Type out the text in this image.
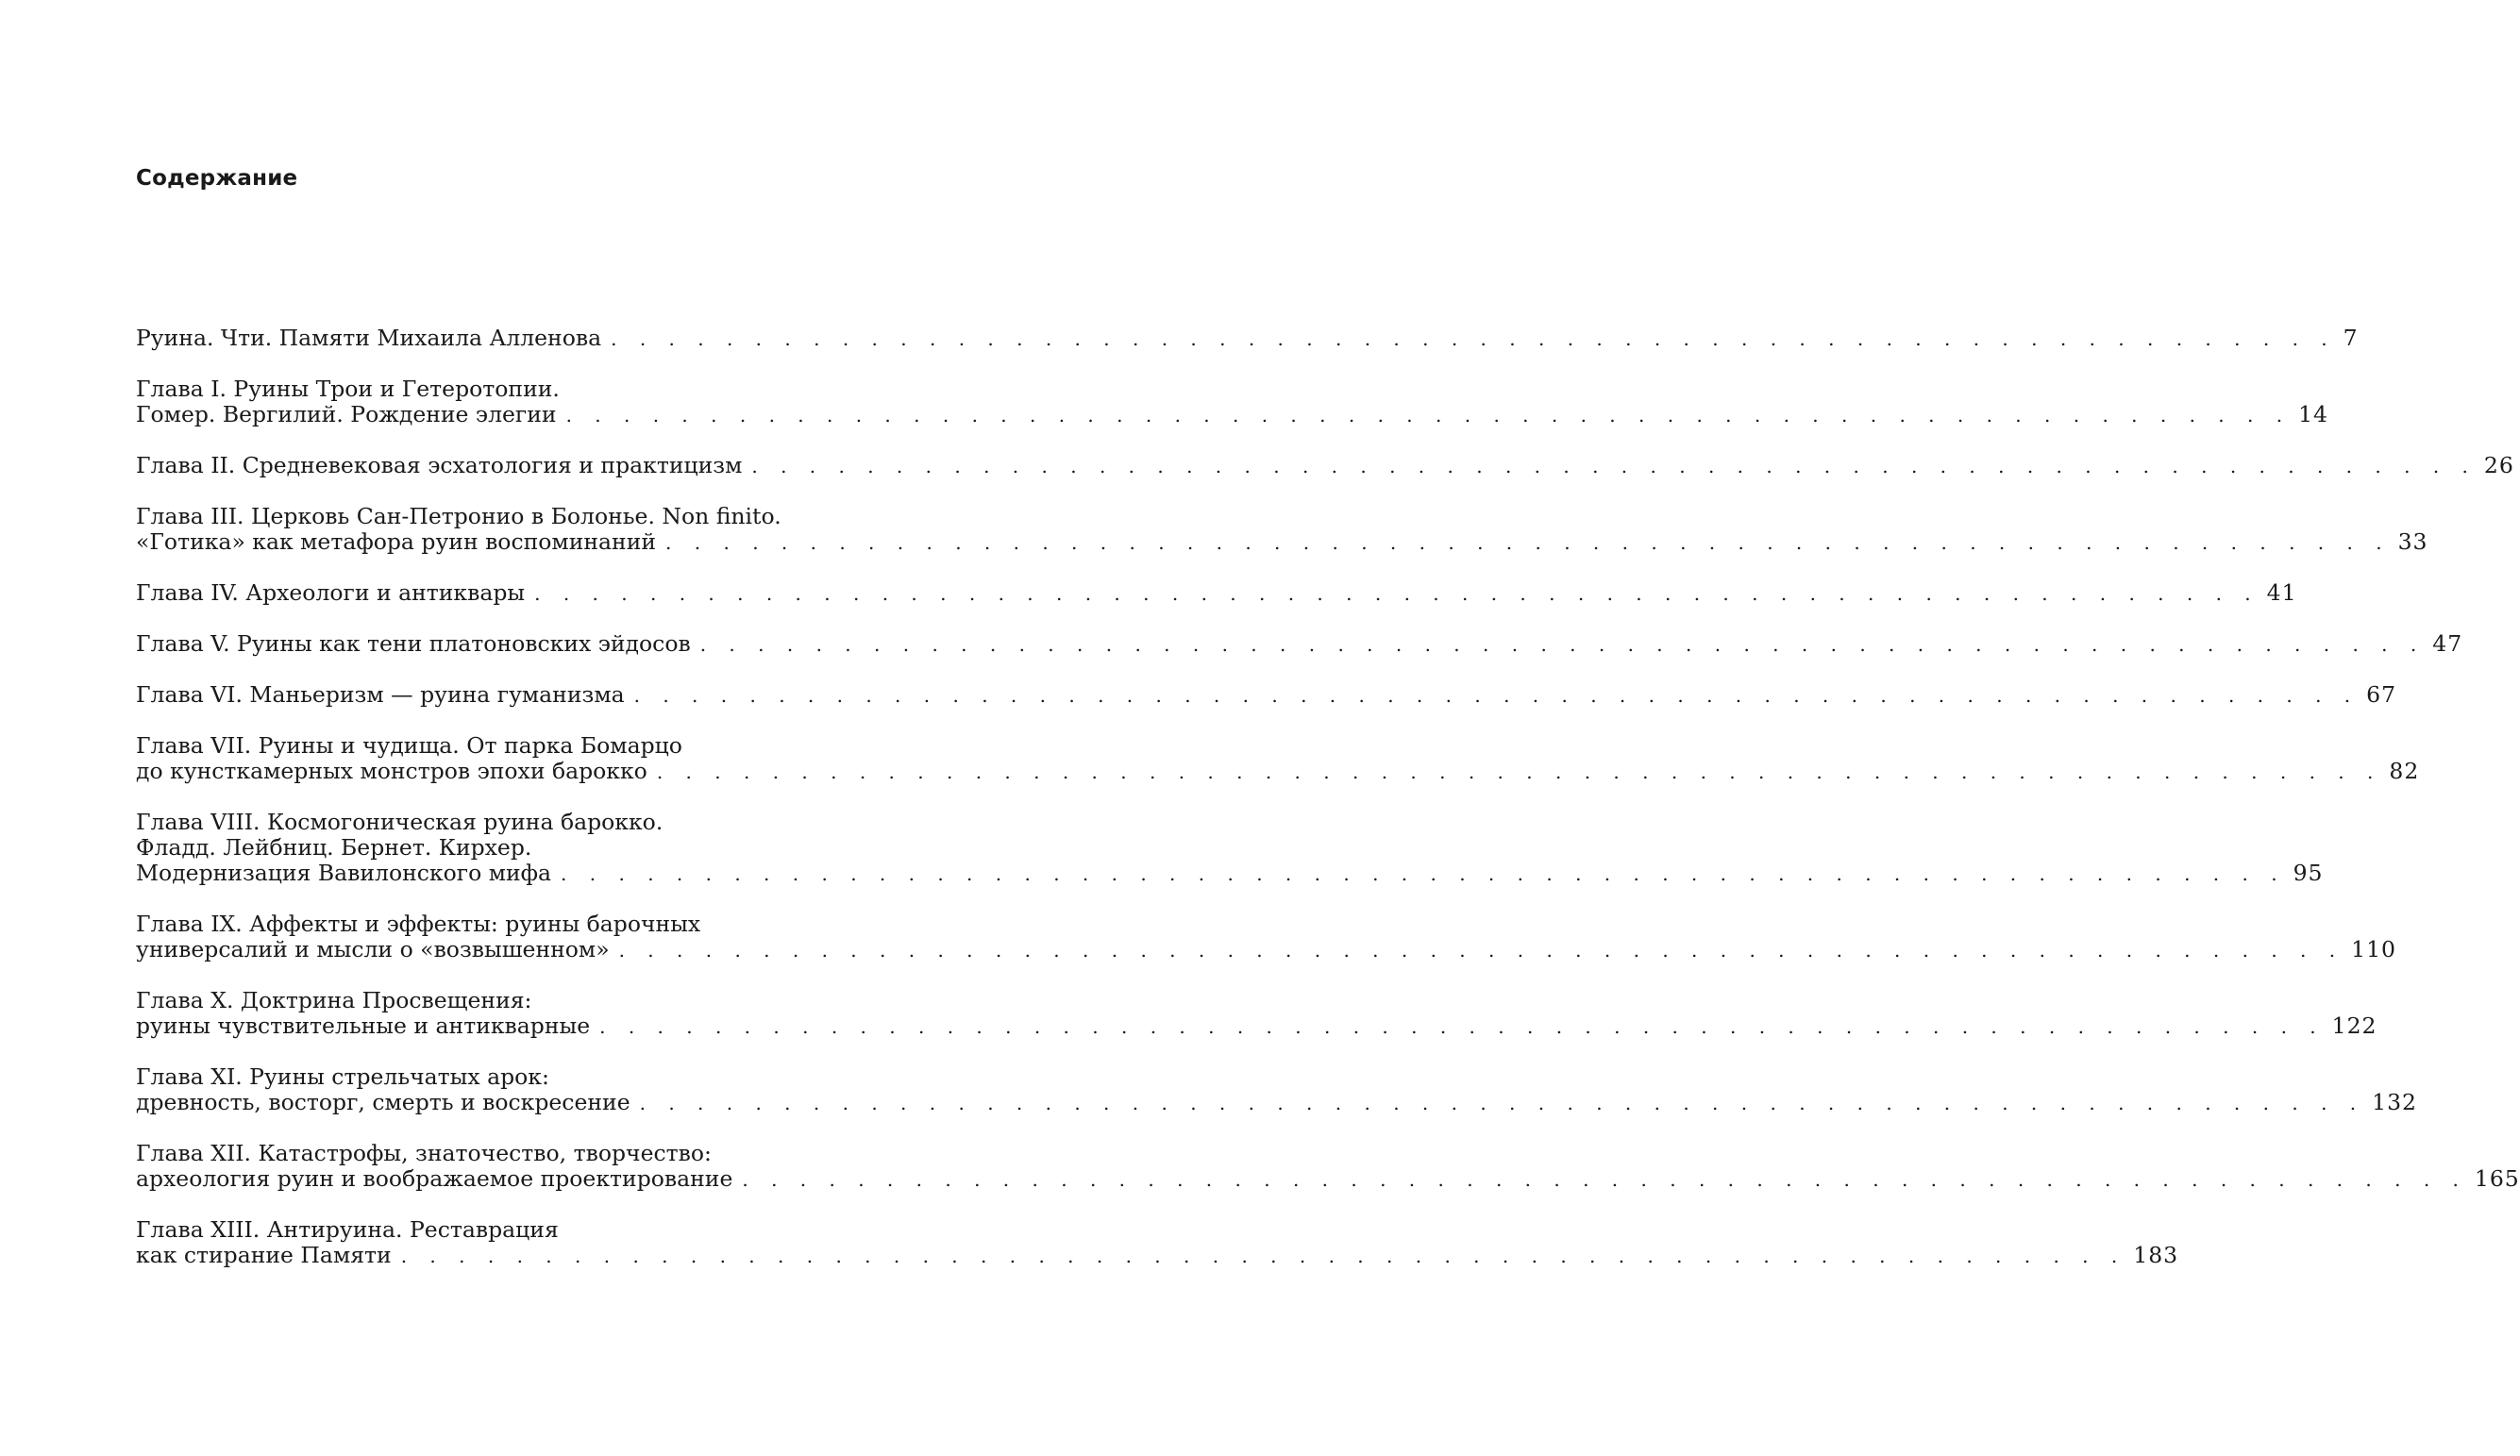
Содержание
Руина. Чти. Памяти Михаила Алленова . . . . . . . . . . . . . . . . . . . . . . . . . . . . . . . . . . . . . . . . . . . . . . . . . . . . . . . . . . . . 7
Глава I. Руины Трои и Гетеротопии.
Гомер. Вергилий. Рождение элегии . . . . . . . . . . . . . . . . . . . . . . . . . . . . . . . . . . . . . . . . . . . . . . . . . . . . . . . . . . . . 14
Глава II. Средневековая эсхатология и практицизм . . . . . . . . . . . . . . . . . . . . . . . . . . . . . . . . . . . . . . . . . . . . . . . . . . . . . . . . . . . . 26
Глава III. Церковь Сан-Петронио в Болонье. Non finito.
«Готика» как метафора руин воспоминаний . . . . . . . . . . . . . . . . . . . . . . . . . . . . . . . . . . . . . . . . . . . . . . . . . . . . . . . . . . . . 33
Глава IV. Археологи и антиквары . . . . . . . . . . . . . . . . . . . . . . . . . . . . . . . . . . . . . . . . . . . . . . . . . . . . . . . . . . . . 41
Глава V. Руины как тени платоновских эйдосов . . . . . . . . . . . . . . . . . . . . . . . . . . . . . . . . . . . . . . . . . . . . . . . . . . . . . . . . . . . . 47
Глава VI. Маньеризм — руина гуманизма . . . . . . . . . . . . . . . . . . . . . . . . . . . . . . . . . . . . . . . . . . . . . . . . . . . . . . . . . . . . 67
Глава VII. Руины и чудища. От парка Бомарцо
до кунсткамерных монстров эпохи барокко . . . . . . . . . . . . . . . . . . . . . . . . . . . . . . . . . . . . . . . . . . . . . . . . . . . . . . . . . . . . 82
Глава VIII. Космогоническая руина барокко.
Фладд. Лейбниц. Бернет. Кирхер.
Модернизация Вавилонского мифа . . . . . . . . . . . . . . . . . . . . . . . . . . . . . . . . . . . . . . . . . . . . . . . . . . . . . . . . . . . . 95
Глава IX. Аффекты и эффекты: руины барочных
универсалий и мысли о «возвышенном» . . . . . . . . . . . . . . . . . . . . . . . . . . . . . . . . . . . . . . . . . . . . . . . . . . . . . . . . . . . . 110
Глава X. Доктрина Просвещения:
руины чувствительные и антикварные . . . . . . . . . . . . . . . . . . . . . . . . . . . . . . . . . . . . . . . . . . . . . . . . . . . . . . . . . . . . 122
Глава XI. Руины стрельчатых арок:
древность, восторг, смерть и воскресение . . . . . . . . . . . . . . . . . . . . . . . . . . . . . . . . . . . . . . . . . . . . . . . . . . . . . . . . . . . . 132
Глава XII. Катастрофы, знаточество, творчество:
археология руин и воображаемое проектирование . . . . . . . . . . . . . . . . . . . . . . . . . . . . . . . . . . . . . . . . . . . . . . . . . . . . . . . . . . . . 165
Глава XIII. Антируина. Реставрация
как стирание Памяти . . . . . . . . . . . . . . . . . . . . . . . . . . . . . . . . . . . . . . . . . . . . . . . . . . . . . . . . . . . . 183
